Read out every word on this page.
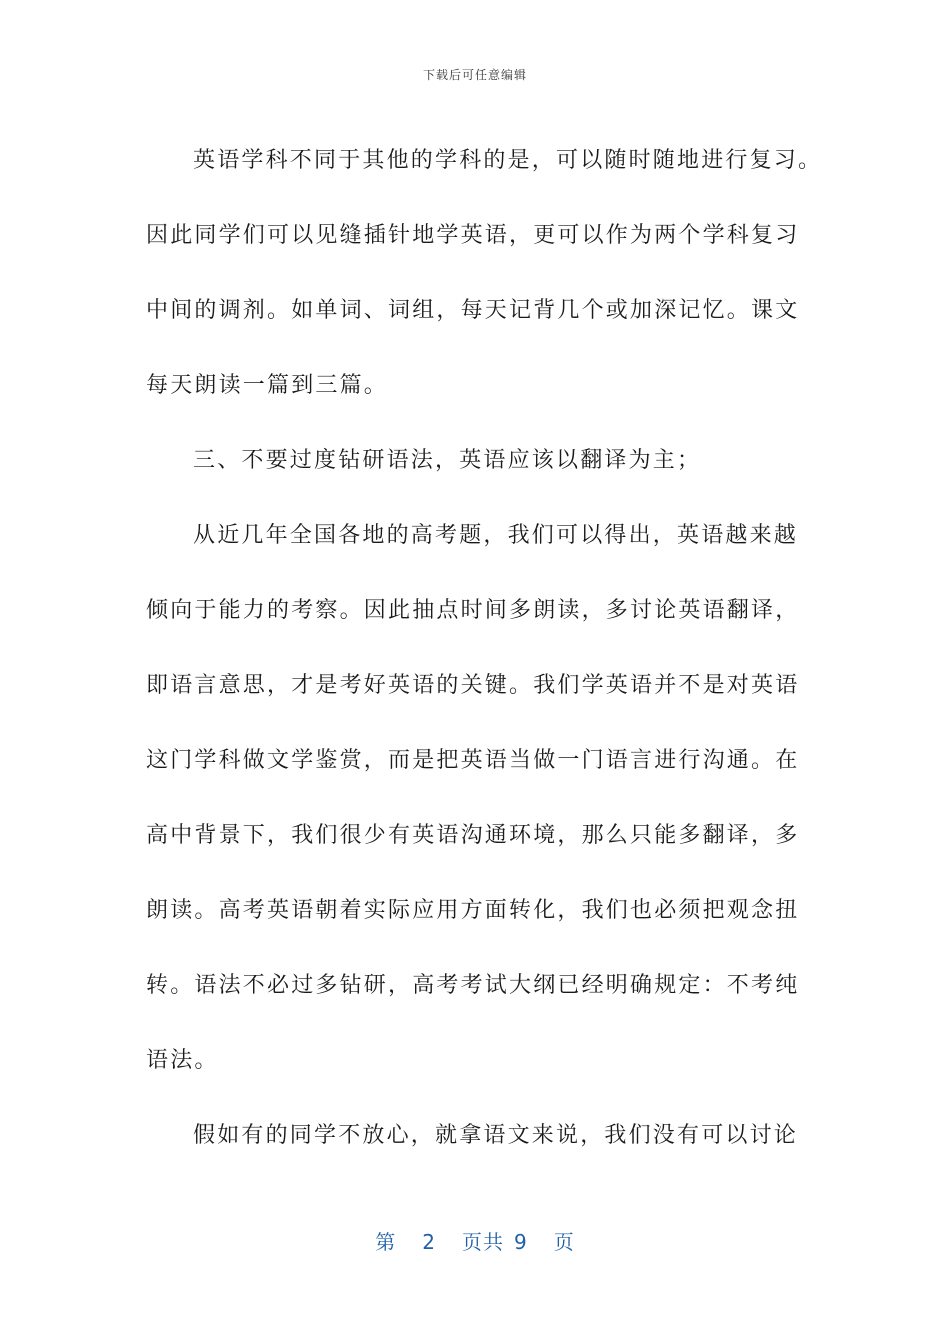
下载后可任意编辑

英语学科不同于其他的学科的是，可以随时随地进行复习。

因此同学们可以见缝插针地学英语，更可以作为两个学科复习

中间的调剂。如单词、词组，每天记背几个或加深记忆。课文

每天朗读一篇到三篇。

三、不要过度钻研语法，英语应该以翻译为主；

从近几年全国各地的高考题，我们可以得出，英语越来越

倾向于能力的考察。因此抽点时间多朗读，多讨论英语翻译，

即语言意思，才是考好英语的关键。我们学英语并不是对英语

这门学科做文学鉴赏，而是把英语当做一门语言进行沟通。在

高中背景下，我们很少有英语沟通环境，那么只能多翻译，多

朗读。高考英语朝着实际应用方面转化，我们也必须把观念扭

转。语法不必过多钻研，高考考试大纲已经明确规定：不考纯

语法。

假如有的同学不放心，就拿语文来说，我们没有可以讨论

第 2 页共 9 页
